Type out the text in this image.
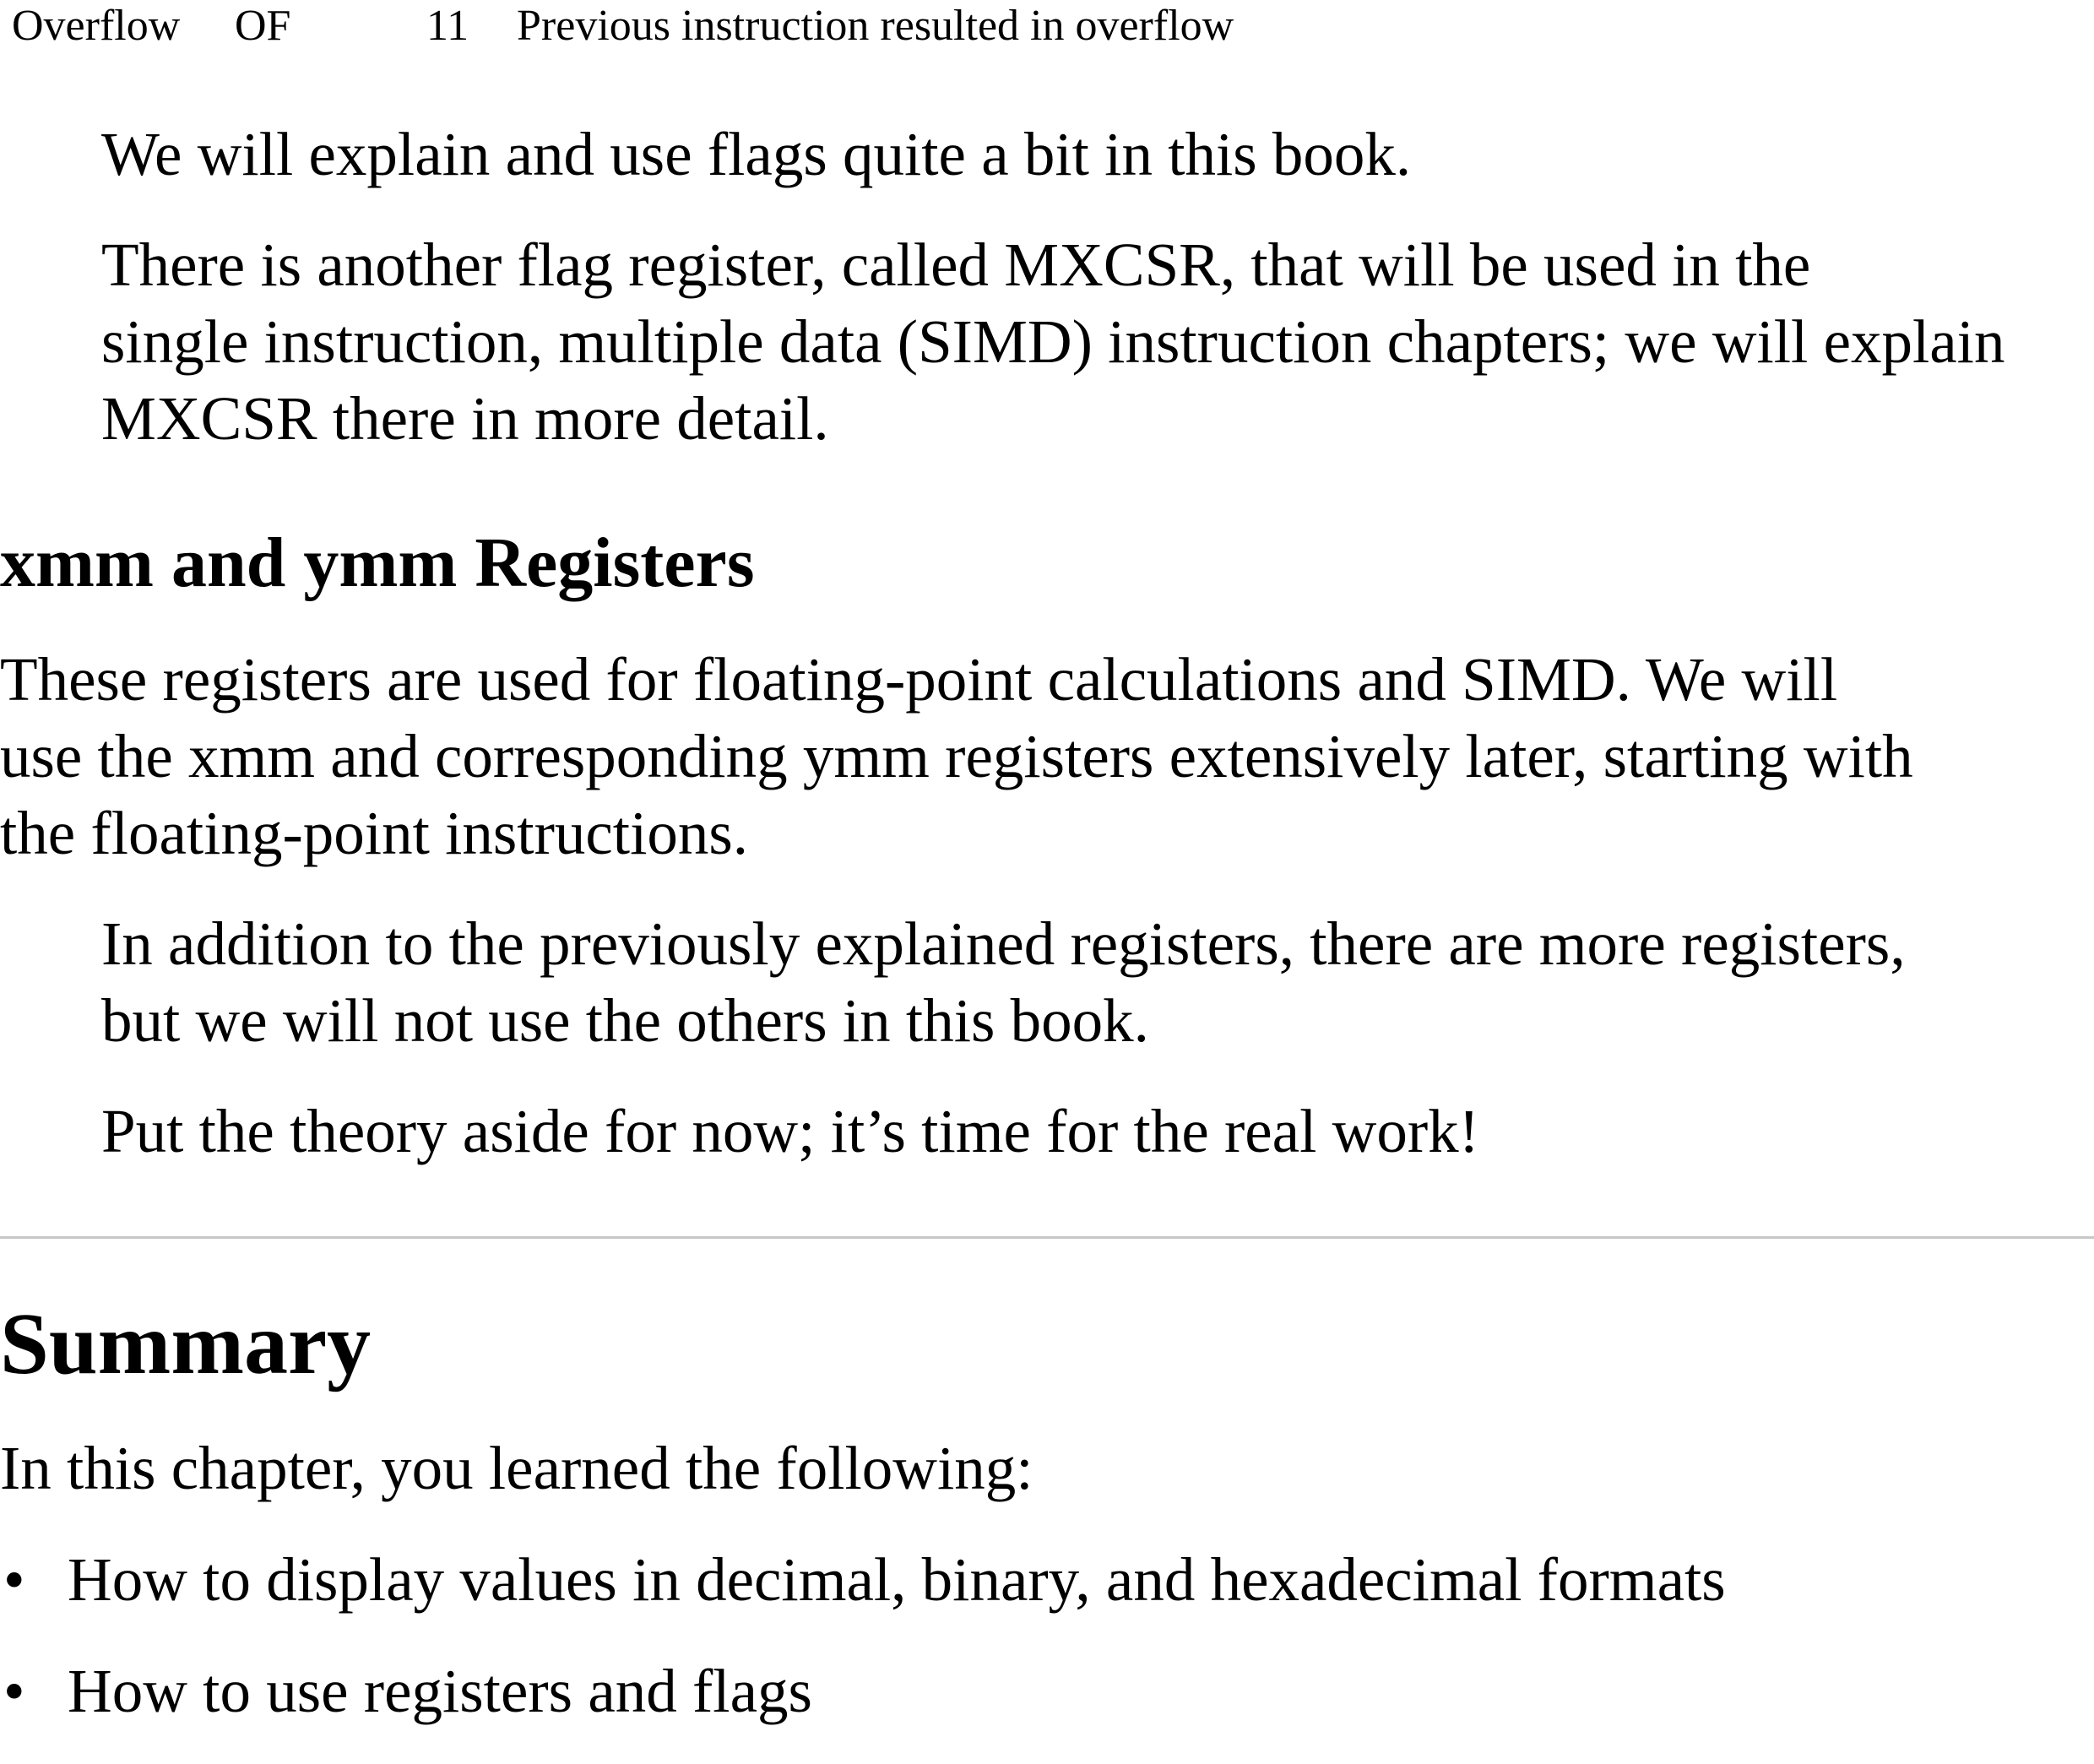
Overflow OF	11 Previous instruction resulted in overflow

We will explain and use flags quite a bit in this book.

There is another flag register, called MXCSR, that will be used in the
single instruction, multiple data (SIMD) instruction chapters; we will explain
MXCSR there in more detail.

xmm and ymm Registers

These registers are used for floating-point calculations and SIMD. We will
use the xmm and corresponding ymm registers extensively later, starting with
the floating-point instructions.

In addition to the previously explained registers, there are more registers,
but we will not use the others in this book.

Put the theory aside for now; it’s time for the real work!

Summary

In this chapter, you learned the following:

• How to display values in decimal, binary, and hexadecimal formats
• How to use registers and flags
